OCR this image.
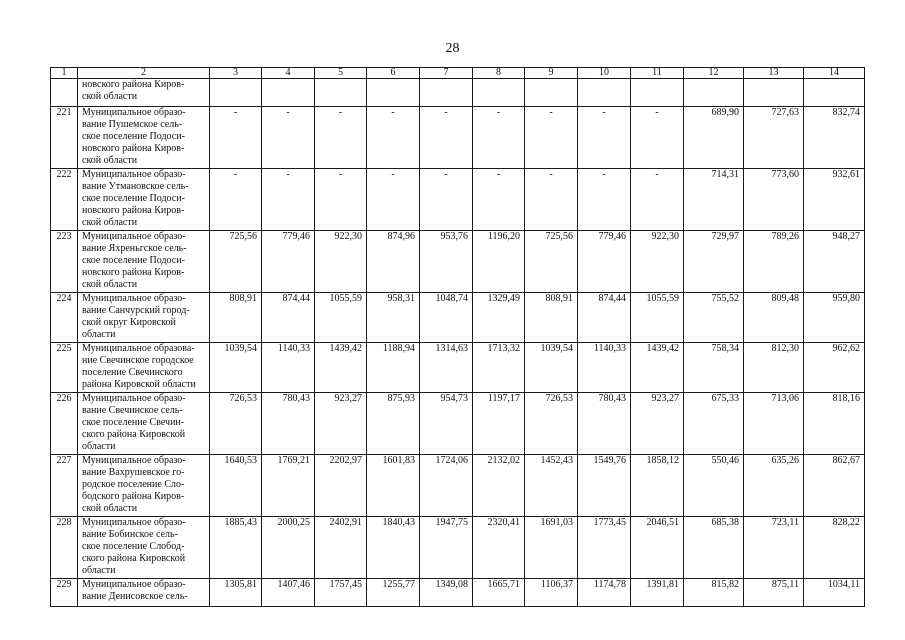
28
1	2	3	4	5	6	7	8	9	10	11	12	13	14

	новского района Киров-
ской области												

221	Муниципальное образо-
вание Пушемское сель-
ское поселение Подоси-
новского района Киров-
ской области	-	-	-	-	-	-	-	-	-	689,90	727,63	832,74
222	Муниципальное образо-
вание Утмановское сель-
ское поселение Подоси-
новского района Киров-
ской области	-	-	-	-	-	-	-	-	-	714,31	773,60	932,61
223	Муниципальное образо-
вание Яхреньгское сель-
ское поселение Подоси-
новского района Киров-
ской области	725,56	779,46	922,30	874,96	953,76	1196,20	725,56	779,46	922,30	729,97	789,26	948,27
224	Муниципальное образо-
вание Санчурский город-
ской округ Кировской
области	808,91	874,44	1055,59	958,31	1048,74	1329,49	808,91	874,44	1055,59	755,52	809,48	959,80
225	Муниципальное образова-
ние Свечинское городское
поселение Свечинского
района Кировской области	1039,54	1140,33	1439,42	1188,94	1314,63	1713,32	1039,54	1140,33	1439,42	758,34	812,30	962,62
226	Муниципальное образо-
вание Свечинское сель-
ское поселение Свечин-
ского района Кировской
области	726,53	780,43	923,27	875,93	954,73	1197,17	726,53	780,43	923,27	675,33	713,06	818,16
227	Муниципальное образо-
вание Вахрушевское го-
родское поселение Сло-
бодского района Киров-
ской области	1640,53	1769,21	2202,97	1601,83	1724,06	2132,02	1452,43	1549,76	1858,12	550,46	635,26	862,67
228	Муниципальное образо-
вание Бобинское сель-
ское поселение Слобод-
ского района Кировской
области	1885,43	2000,25	2402,91	1840,43	1947,75	2320,41	1691,03	1773,45	2046,51	685,38	723,11	828,22
229	Муниципальное образо-
вание Денисовское сель-	1305,81	1407,46	1757,45	1255,77	1349,08	1665,71	1106,37	1174,78	1391,81	815,82	875,11	1034,11
